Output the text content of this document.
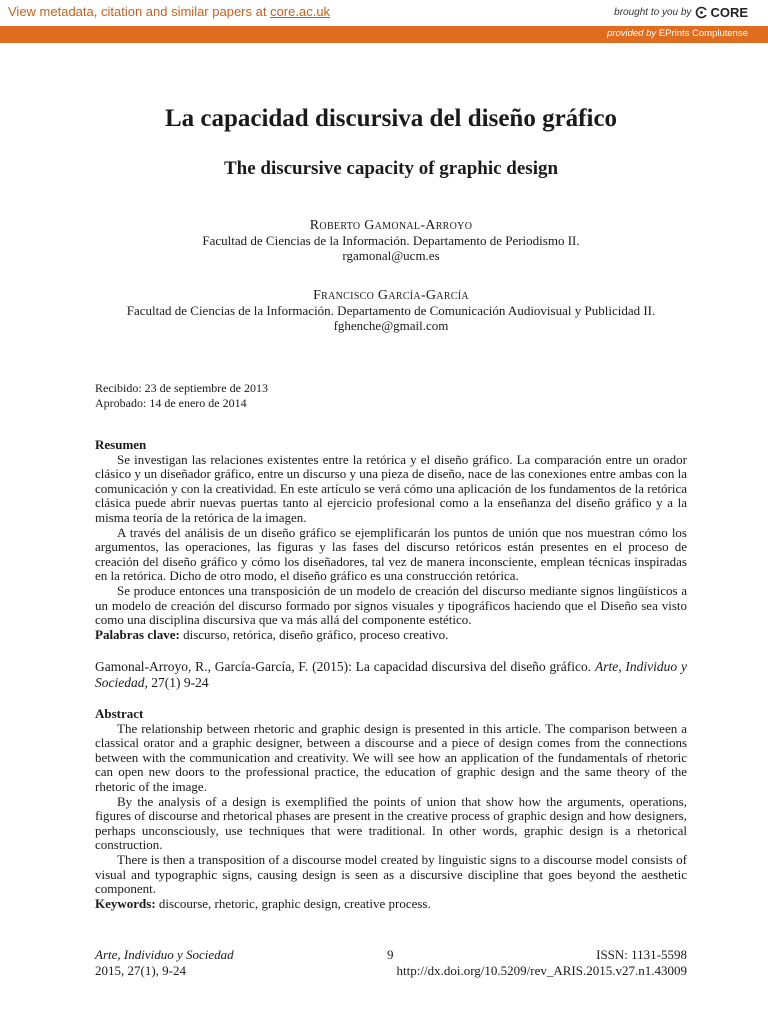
View metadata, citation and similar papers at core.ac.uk	brought to you by CORE
provided by EPrints Complutense
La capacidad discursiva del diseño gráfico
The discursive capacity of graphic design
Roberto Gamonal-Arroyo
Facultad de Ciencias de la Información. Departamento de Periodismo II.
rgamonal@ucm.es
Francisco García-García
Facultad de Ciencias de la Información. Departamento de Comunicación Audiovisual y Publicidad II.
fghenche@gmail.com
Recibido: 23 de septiembre de 2013
Aprobado: 14 de enero de 2014
Resumen

Se investigan las relaciones existentes entre la retórica y el diseño gráfico. La comparación entre un orador clásico y un diseñador gráfico, entre un discurso y una pieza de diseño, nace de las conexiones entre ambas con la comunicación y con la creatividad. En este artículo se verá cómo una aplicación de los fundamentos de la retórica clásica puede abrir nuevas puertas tanto al ejercicio profesional como a la enseñanza del diseño gráfico y a la misma teoría de la retórica de la imagen.

A través del análisis de un diseño gráfico se ejemplificarán los puntos de unión que nos muestran cómo los argumentos, las operaciones, las figuras y las fases del discurso retóricos están presentes en el proceso de creación del diseño gráfico y cómo los diseñadores, tal vez de manera inconsciente, emplean técnicas inspiradas en la retórica. Dicho de otro modo, el diseño gráfico es una construcción retórica.

Se produce entonces una transposición de un modelo de creación del discurso mediante signos lingüísticos a un modelo de creación del discurso formado por signos visuales y tipográficos haciendo que el Diseño sea visto como una disciplina discursiva que va más allá del componente estético.

Palabras clave: discurso, retórica, diseño gráfico, proceso creativo.

Gamonal-Arroyo, R., García-García, F. (2015): La capacidad discursiva del diseño gráfico. Arte, Individuo y Sociedad, 27(1) 9-24
Abstract

The relationship between rhetoric and graphic design is presented in this article. The comparison between a classical orator and a graphic designer, between a discourse and a piece of design comes from the connections between with the communication and creativity. We will see how an application of the fundamentals of rhetoric can open new doors to the professional practice, the education of graphic design and the same theory of the rhetoric of the image.

By the analysis of a design is exemplified the points of union that show how the arguments, operations, figures of discourse and rhetorical phases are present in the creative process of graphic design and how designers, perhaps unconsciously, use techniques that were traditional. In other words, graphic design is a rhetorical construction.

There is then a transposition of a discourse model created by linguistic signs to a discourse model consists of visual and typographic signs, causing design is seen as a discursive discipline that goes beyond the aesthetic component.

Keywords: discourse, rhetoric, graphic design, creative process.

Arte, Individuo y Sociedad
2015, 27(1), 9-24
9	ISSN: 1131-5598
http://dx.doi.org/10.5209/rev_ARIS.2015.v27.n1.43009
